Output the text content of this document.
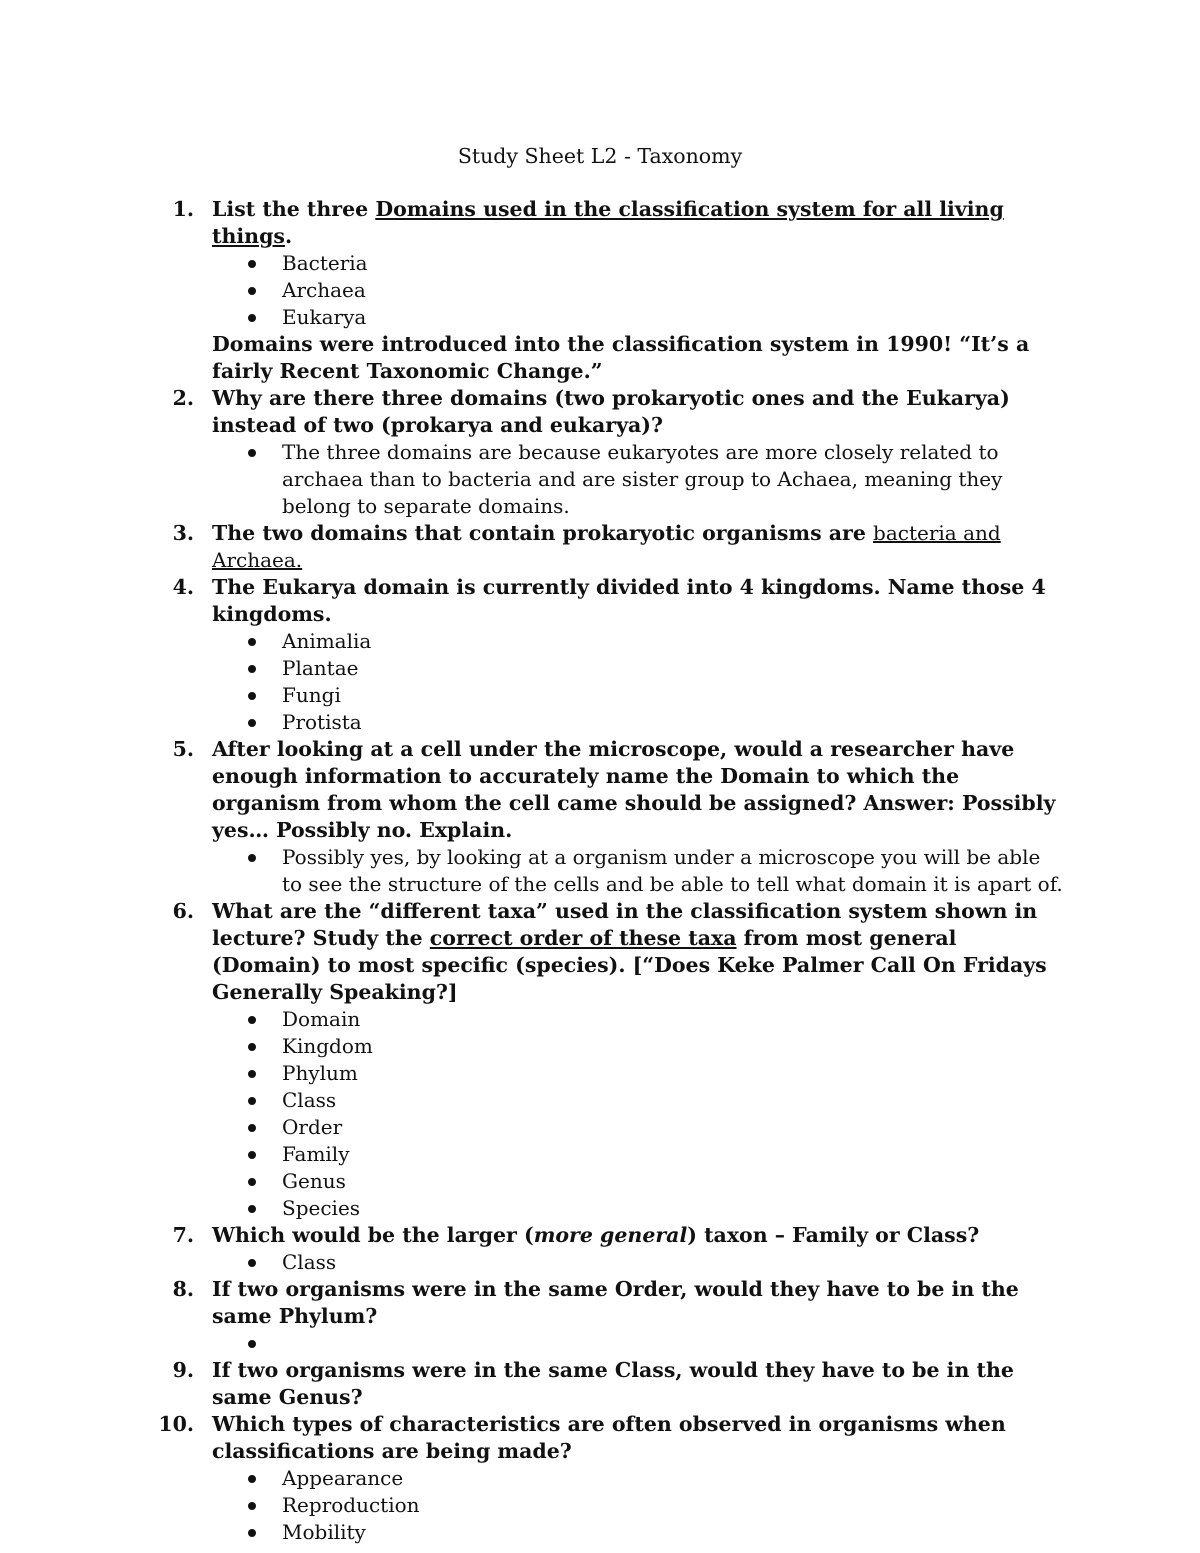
Study Sheet L2 - Taxonomy
1. List the three Domains used in the classification system for all living things.
Bacteria
Archaea
Eukarya
Domains were introduced into the classification system in 1990! “It’s a fairly Recent Taxonomic Change.”
2. Why are there three domains (two prokaryotic ones and the Eukarya) instead of two (prokarya and eukarya)?
The three domains are because eukaryotes are more closely related to archaea than to bacteria and are sister group to Achaea, meaning they belong to separate domains.
3. The two domains that contain prokaryotic organisms are bacteria and Archaea.
4. The Eukarya domain is currently divided into 4 kingdoms. Name those 4 kingdoms.
Animalia
Plantae
Fungi
Protista
5. After looking at a cell under the microscope, would a researcher have enough information to accurately name the Domain to which the organism from whom the cell came should be assigned? Answer: Possibly yes… Possibly no. Explain.
Possibly yes, by looking at a organism under a microscope you will be able to see the structure of the cells and be able to tell what domain it is apart of.
6. What are the “different taxa” used in the classification system shown in lecture? Study the correct order of these taxa from most general (Domain) to most specific (species). [“Does Keke Palmer Call On Fridays Generally Speaking?]
Domain
Kingdom
Phylum
Class
Order
Family
Genus
Species
7. Which would be the larger (more general) taxon – Family or Class?
Class
8. If two organisms were in the same Order, would they have to be in the same Phylum?

9. If two organisms were in the same Class, would they have to be in the same Genus?
10. Which types of characteristics are often observed in organisms when classifications are being made?
Appearance
Reproduction
Mobility
